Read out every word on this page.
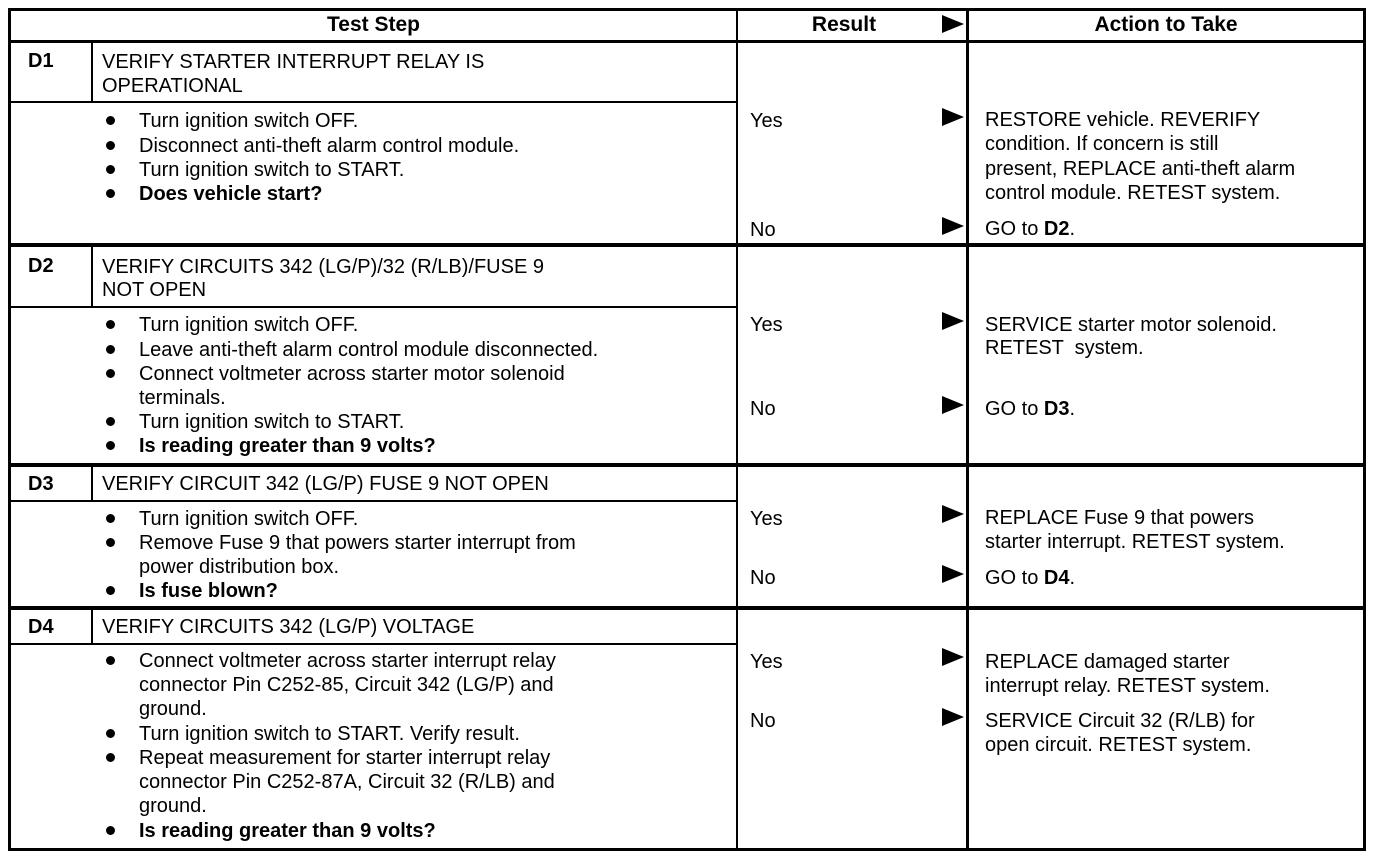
Test Step	Result	Action to Take
D1 VERIFY STARTER INTERRUPT RELAY IS
OPERATIONAL
Turn ignition switch OFF.
Disconnect anti-theft alarm control module.
Turn ignition switch to START.
Does vehicle start?
Yes	RESTORE vehicle. REVERIFY
condition. If concern is still
present, REPLACE anti-theft alarm
control module. RETEST system.
No	GO to D2.
D2 VERIFY CIRCUITS 342 (LG/P)/32 (R/LB)/FUSE 9
NOT OPEN
Turn ignition switch OFF.
Leave anti-theft alarm control module disconnected.
Connect voltmeter across starter motor solenoid
terminals.
Turn ignition switch to START.
Is reading greater than 9 volts?
Yes	SERVICE starter motor solenoid.
RETEST  system.
No	GO to D3.
D3 VERIFY CIRCUIT 342 (LG/P) FUSE 9 NOT OPEN
Turn ignition switch OFF.
Remove Fuse 9 that powers starter interrupt from
power distribution box.
Is fuse blown?
Yes	REPLACE Fuse 9 that powers
starter interrupt. RETEST system.
No	GO to D4.
D4 VERIFY CIRCUITS 342 (LG/P) VOLTAGE
Connect voltmeter across starter interrupt relay
connector Pin C252-85, Circuit 342 (LG/P) and
ground.
Turn ignition switch to START. Verify result.
Repeat measurement for starter interrupt relay
connector Pin C252-87A, Circuit 32 (R/LB) and
ground.
Is reading greater than 9 volts?
Yes	REPLACE damaged starter
interrupt relay. RETEST system.
No	SERVICE Circuit 32 (R/LB) for
open circuit. RETEST system.
